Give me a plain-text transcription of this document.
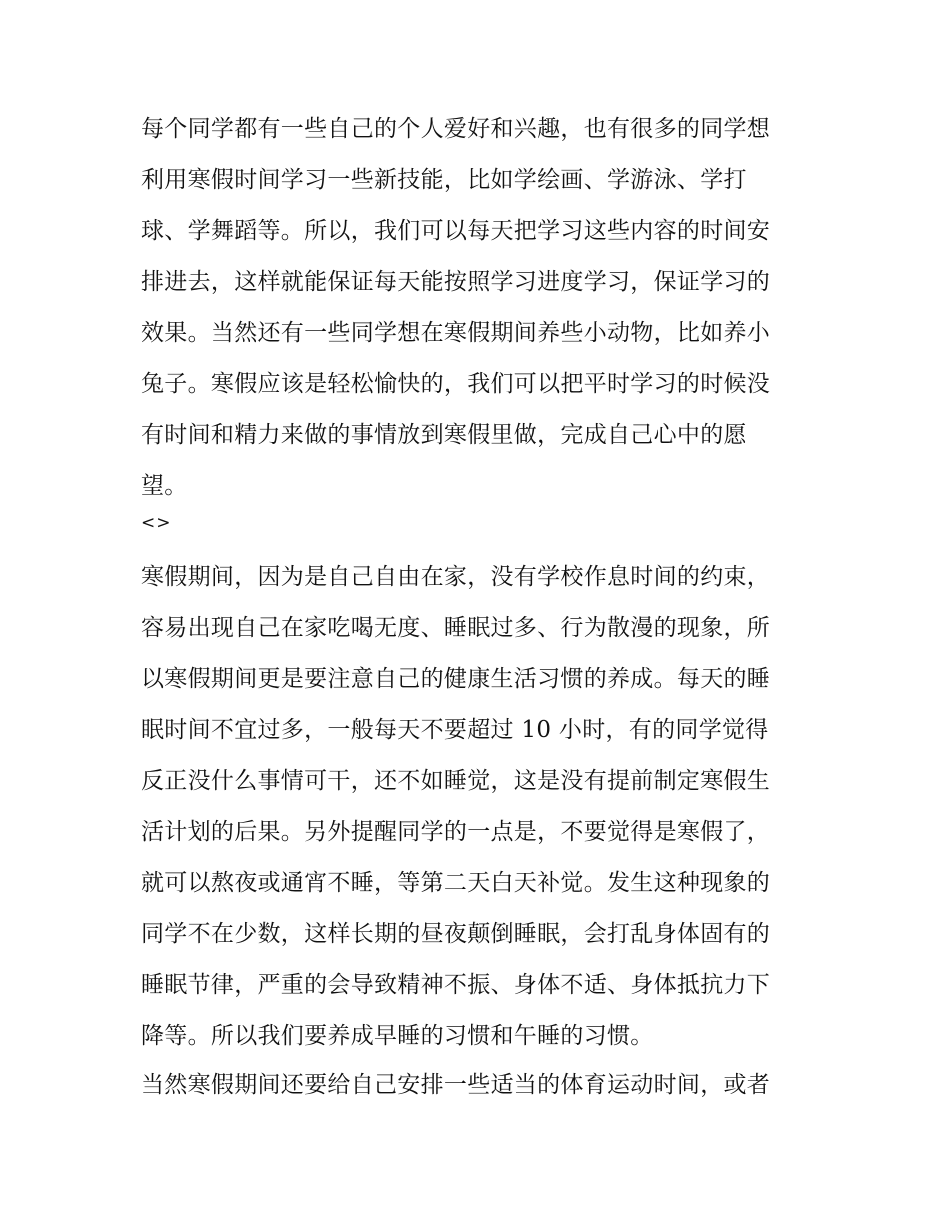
每个同学都有一些自己的个人爱好和兴趣，也有很多的同学想
利用寒假时间学习一些新技能，比如学绘画、学游泳、学打
球、学舞蹈等。所以，我们可以每天把学习这些内容的时间安
排进去，这样就能保证每天能按照学习进度学习，保证学习的
效果。当然还有一些同学想在寒假期间养些小动物，比如养小
兔子。寒假应该是轻松愉快的，我们可以把平时学习的时候没
有时间和精力来做的事情放到寒假里做，完成自己心中的愿
望。
<>
寒假期间，因为是自己自由在家，没有学校作息时间的约束，
容易出现自己在家吃喝无度、睡眠过多、行为散漫的现象，所
以寒假期间更是要注意自己的健康生活习惯的养成。每天的睡
眠时间不宜过多，一般每天不要超过 10 小时，有的同学觉得
反正没什么事情可干，还不如睡觉，这是没有提前制定寒假生
活计划的后果。另外提醒同学的一点是，不要觉得是寒假了，
就可以熬夜或通宵不睡，等第二天白天补觉。发生这种现象的
同学不在少数，这样长期的昼夜颠倒睡眠，会打乱身体固有的
睡眠节律，严重的会导致精神不振、身体不适、身体抵抗力下
降等。所以我们要养成早睡的习惯和午睡的习惯。
当然寒假期间还要给自己安排一些适当的体育运动时间，或者
